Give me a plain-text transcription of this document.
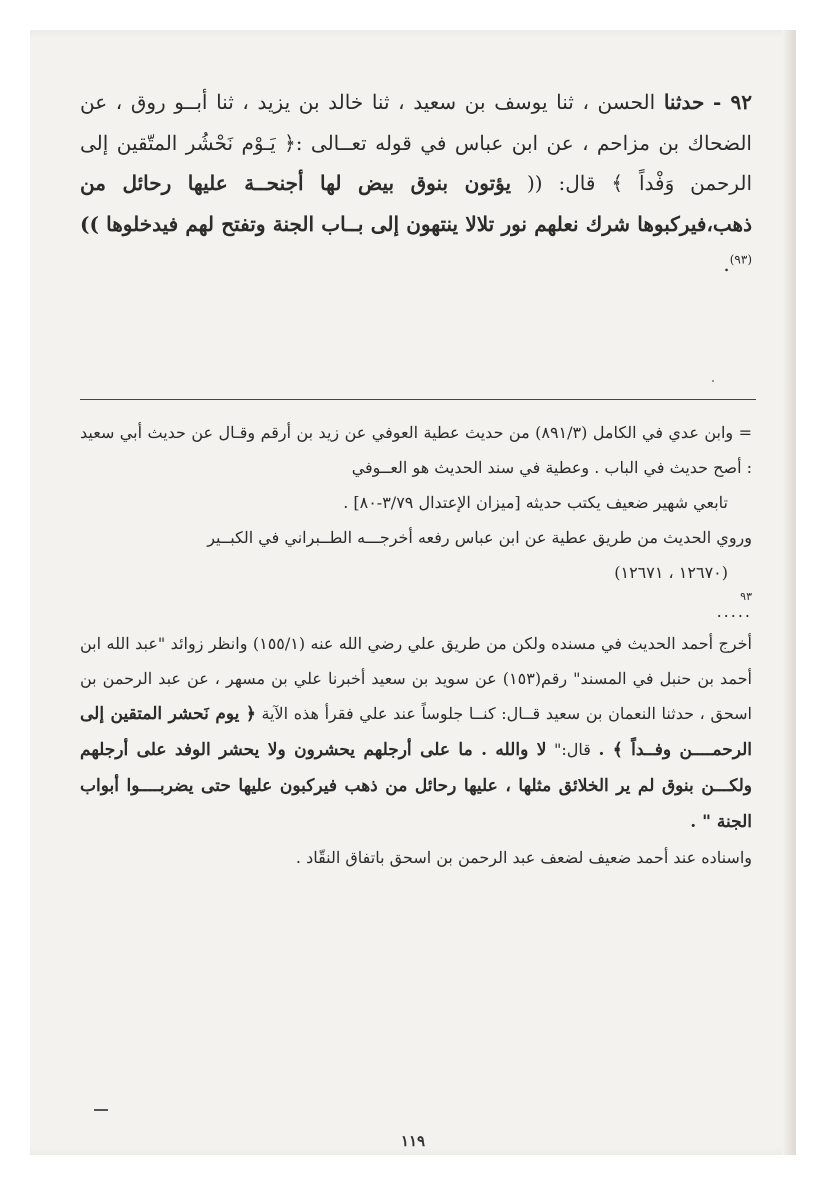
٩٢ - حدثنا الحسن ، ثنا يوسف بن سعيد ، ثنا خالد بن يزيد ، ثنا أبــو روق ، عن الضحاك بن مزاحم ، عن ابن عباس في قوله تعــالى :﴿ يَـوْم نَحْشُر المتّقين إلى الرحمن وَفْداً ﴾ قال: (( يؤتون بنوق بيض لها أجنحــة عليها رحائل من ذهب،فيركبوها شرك نعلهم نور تلالا ينتهون إلى بــاب الجنة وتفتح لهم فيدخلوها ))$^{(٩٣)}$.

= وابن عدي في الكامل (٨٩١/٣) من حديث عطية العوفي عن زيد بن أرقم وقـال عن حديث أبي سعيد : أصح حديث في الباب . وعطية في سند الحديث هو العــوفي

تابعي شهير ضعيف يكتب حديثه [ميزان الإعتدال ٣/٧٩-٨٠] .

وروي الحديث من طريق عطية عن ابن عباس رفعه أخرجـــه الطــبراني في الكبــير

(١٢٦٧٠ ، ١٢٦٧١)

٩٣

.....

أخرج أحمد الحديث في مسنده ولكن من طريق علي رضي الله عنه (١٥٥/١) وانظر زوائد "عبد الله ابن أحمد بن حنبل في المسند" رقم(١٥٣) عن سويد بن سعيد أخبرنا علي بن مسهر ، عن عبد الرحمن بن اسحق ، حدثنا النعمان بن سعيد قــال: كنــا جلوساً عند علي فقرأ هذه الآية ﴿ يوم نَحشر المتقين إلى الرحمــــن وفــداً ﴾ . قال:" لا والله . ما على أرجلهم يحشرون ولا يحشر الوفد على أرجلهم ولكـــن بنوق لم ير الخلائق مثلها ، عليها رحائل من ذهب فيركبون عليها حتى يضربــــوا أبواب الجنة " .

واسناده عند أحمد ضعيف لضعف عبد الرحمن بن اسحق باتفاق النقّاد .

١١٩
